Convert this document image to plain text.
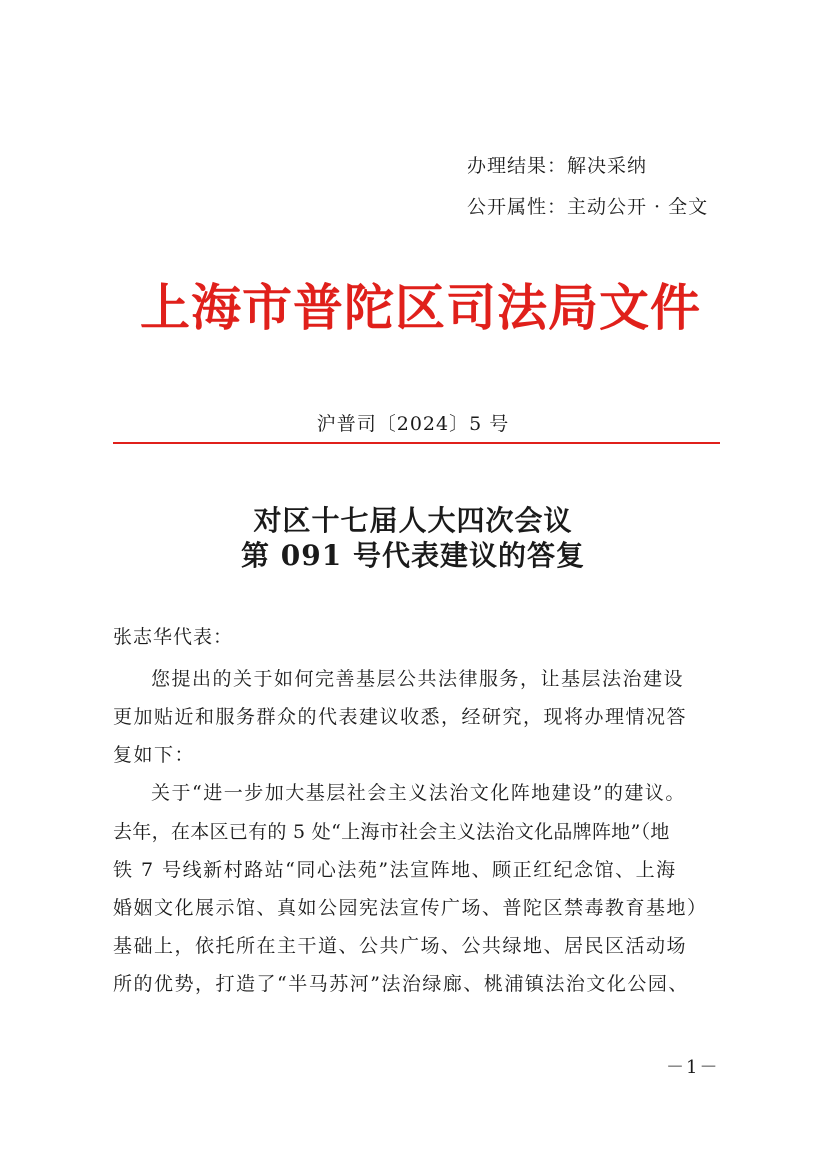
办理结果：解决采纳
公开属性：主动公开 · 全文
上海市普陀区司法局文件
沪普司〔2024〕5 号
对区十七届人大四次会议
第 091 号代表建议的答复
张志华代表：
您提出的关于如何完善基层公共法律服务，让基层法治建设
更加贴近和服务群众的代表建议收悉，经研究，现将办理情况答
复如下：
关于“进一步加大基层社会主义法治文化阵地建设”的建议。
去年，在本区已有的 5 处“上海市社会主义法治文化品牌阵地”（地
铁 7 号线新村路站“同心法苑”法宣阵地、顾正红纪念馆、上海
婚姻文化展示馆、真如公园宪法宣传广场、普陀区禁毒教育基地）
基础上，依托所在主干道、公共广场、公共绿地、居民区活动场
所的优势，打造了“半马苏河”法治绿廊、桃浦镇法治文化公园、
－1－
